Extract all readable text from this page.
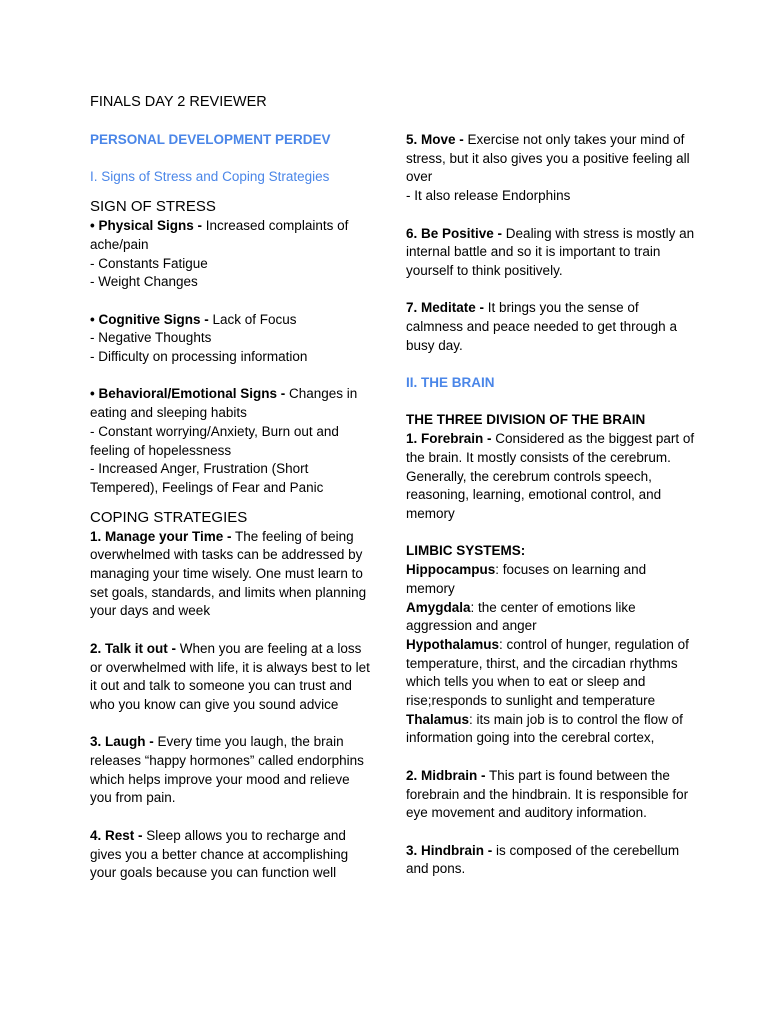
FINALS DAY 2 REVIEWER

PERSONAL DEVELOPMENT PERDEV

I. Signs of Stress and Coping Strategies

SIGN OF STRESS

• Physical Signs - Increased complaints of ache/pain

- Constants Fatigue

- Weight Changes

• Cognitive Signs - Lack of Focus

- Negative Thoughts

- Difficulty on processing information

• Behavioral/Emotional Signs - Changes in eating and sleeping habits

- Constant worrying/Anxiety, Burn out and feeling of hopelessness

- Increased Anger, Frustration (Short Tempered), Feelings of Fear and Panic

COPING STRATEGIES

1. Manage your Time - The feeling of being overwhelmed with tasks can be addressed by managing your time wisely. One must learn to set goals, standards, and limits when planning your days and week

2. Talk it out - When you are feeling at a loss or overwhelmed with life, it is always best to let it out and talk to someone you can trust and who you know can give you sound advice

3. Laugh - Every time you laugh, the brain releases “happy hormones” called endorphins which helps improve your mood and relieve you from pain.

4. Rest - Sleep allows you to recharge and gives you a better chance at accomplishing your goals because you can function well

5. Move - Exercise not only takes your mind of stress, but it also gives you a positive feeling all over

- It also release Endorphins

6. Be Positive - Dealing with stress is mostly an internal battle and so it is important to train yourself to think positively.

7. Meditate - It brings you the sense of calmness and peace needed to get through a busy day.

II. THE BRAIN

THE THREE DIVISION OF THE BRAIN

1. Forebrain - Considered as the biggest part of the brain. It mostly consists of the cerebrum. Generally, the cerebrum controls speech, reasoning, learning, emotional control, and memory

LIMBIC SYSTEMS:

Hippocampus: focuses on learning and memory

Amygdala: the center of emotions like aggression and anger

Hypothalamus: control of hunger, regulation of temperature, thirst, and the circadian rhythms which tells you when to eat or sleep and rise;responds to sunlight and temperature

Thalamus: its main job is to control the flow of information going into the cerebral cortex,

2. Midbrain - This part is found between the forebrain and the hindbrain. It is responsible for eye movement and auditory information.

3. Hindbrain - is composed of the cerebellum and pons.
